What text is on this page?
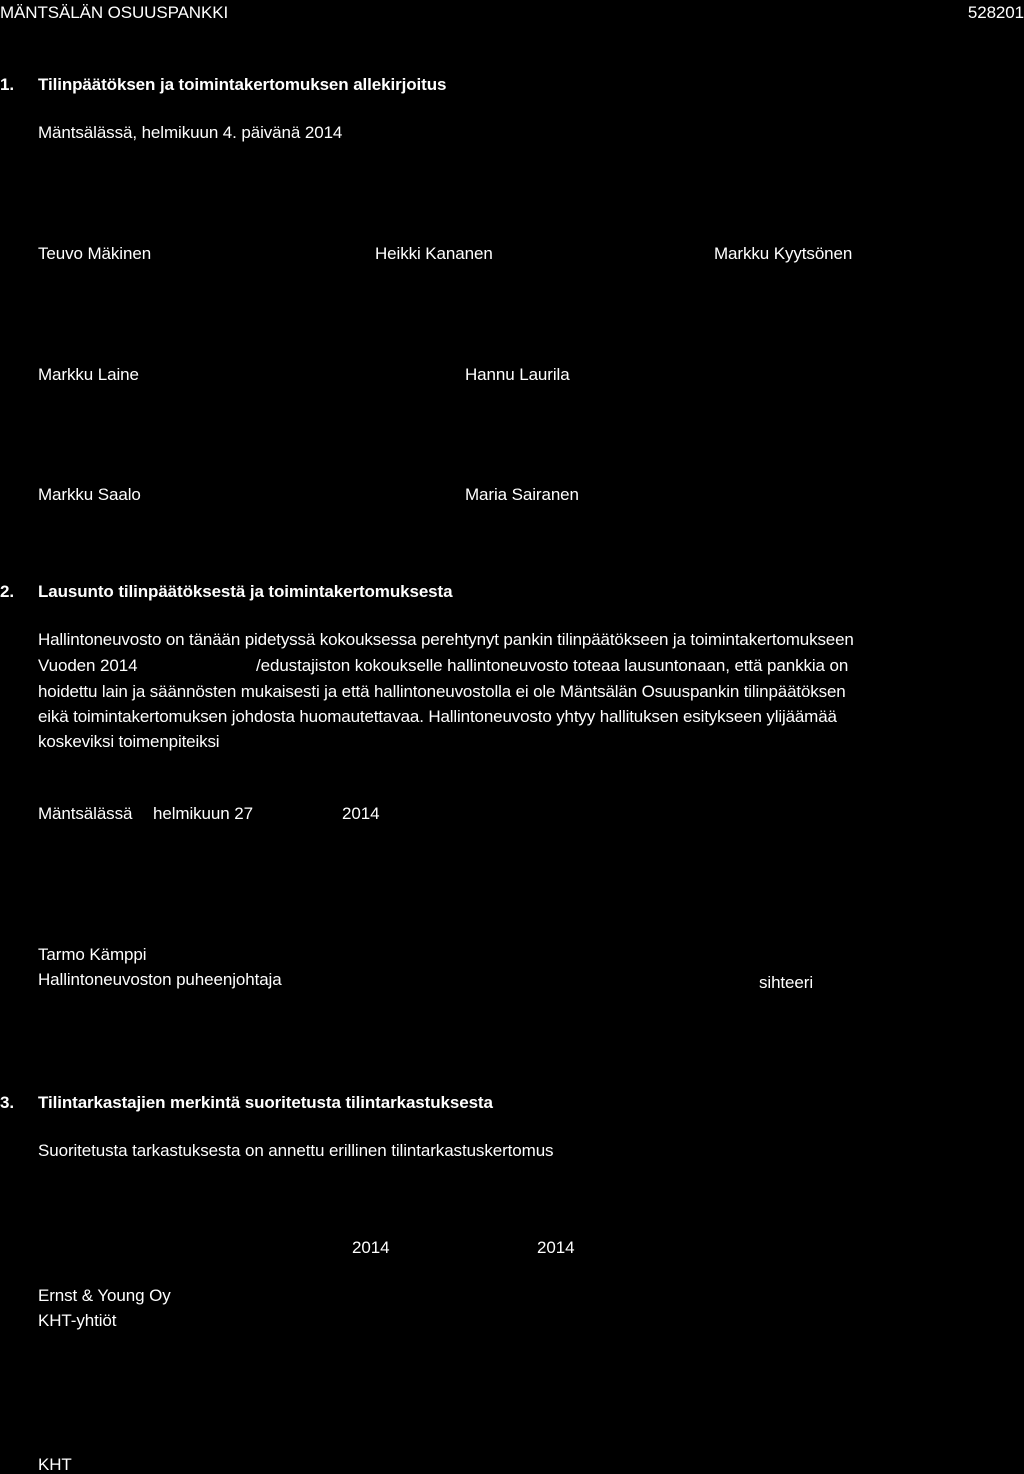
MÄNTSÄLÄN OSUUSPANKKI	528201
1. Tilinpäätöksen ja toimintakertomuksen allekirjoitus
Mäntsälässä, helmikuun 4. päivänä 2014
Teuvo Mäkinen	Heikki Kananen	Markku Kyytsönen
Markku Laine	Hannu Laurila
Markku Saalo	Maria Sairanen
2. Lausunto tilinpäätöksestä ja toimintakertomuksesta
Hallintoneuvosto on tänään pidetyssä kokouksessa perehtynyt pankin tilinpäätökseen ja toimintakertomukseen
Vuoden 2014	/edustajiston kokoukselle hallintoneuvosto toteaa lausuntonaan, että pankkia on
hoidettu lain ja säännösten mukaisesti ja että hallintoneuvostolla ei ole Mäntsälän Osuuspankin tilinpäätöksen
eikä toimintakertomuksen johdosta huomautettavaa. Hallintoneuvosto yhtyy hallituksen esitykseen ylijäämää
koskeviksi toimenpiteiksi
Mäntsälässä helmikuun 27	2014
Tarmo Kämppi
Hallintoneuvoston puheenjohtaja	sihteeri
3. Tilintarkastajien merkintä suoritetusta tilintarkastuksesta
Suoritetusta tarkastuksesta on annettu erillinen tilintarkastuskertomus
2014	2014
Ernst & Young Oy
KHT-yhtiöt
KHT
